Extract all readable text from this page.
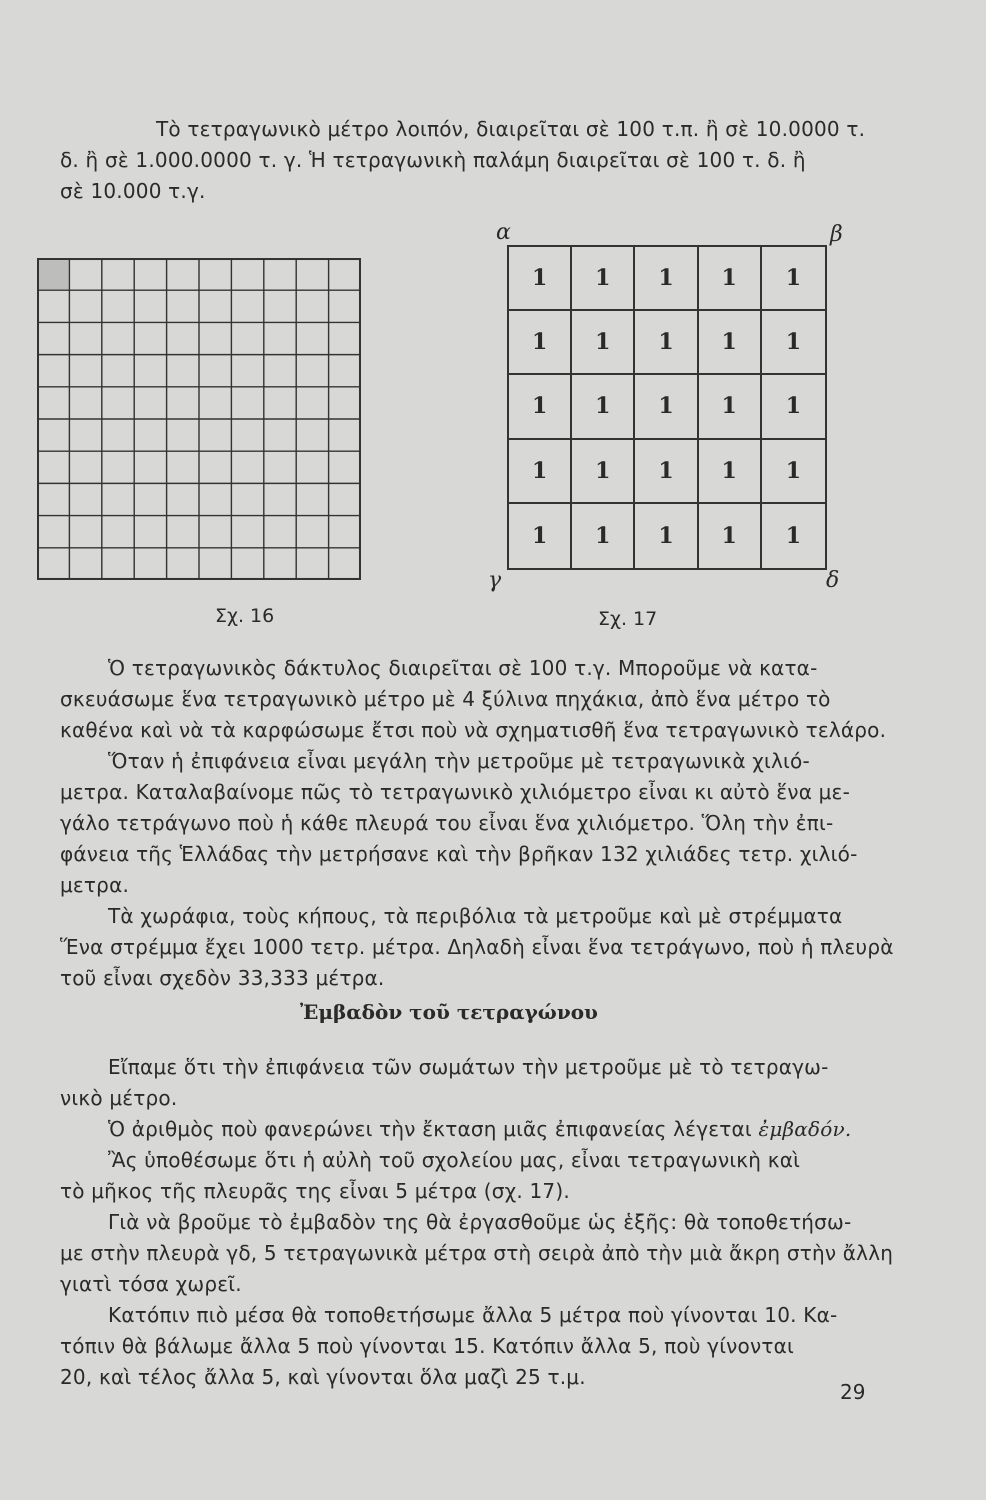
Τὸ τετραγωνικὸ μέτρο λοιπόν, διαιρεῖται σὲ 100 τ.π. ἢ σὲ 10.0000 τ.
δ. ἢ σὲ 1.000.0000 τ. γ. Ἡ τετραγωνικὴ παλάμη διαιρεῖται σὲ 100 τ. δ. ἢ
σὲ 10.000 τ.γ.
1	1	1	1	1
1	1	1	1	1
1	1	1	1	1
1	1	1	1	1
1	1	1	1	1
α	β
γ	δ
Σχ. 16	Σχ. 17
Ὁ τετραγωνικὸς δάκτυλος διαιρεῖται σὲ 100 τ.γ. Μποροῦμε νὰ κατα-
σκευάσωμε ἕνα τετραγωνικὸ μέτρο μὲ 4 ξύλινα πηχάκια, ἀπὸ ἕνα μέτρο τὸ
καθένα καὶ νὰ τὰ καρφώσωμε ἔτσι ποὺ νὰ σχηματισθῆ ἕνα τετραγωνικὸ τελάρο.
Ὅταν ἡ ἐπιφάνεια εἶναι μεγάλη τὴν μετροῦμε μὲ τετραγωνικὰ χιλιό-
μετρα. Καταλαβαίνομε πῶς τὸ τετραγωνικὸ χιλιόμετρο εἶναι κι αὐτὸ ἕνα με-
γάλο τετράγωνο ποὺ ἡ κάθε πλευρά του εἶναι ἕνα χιλιόμετρο. Ὅλη τὴν ἐπι-
φάνεια τῆς Ἑλλάδας τὴν μετρήσανε καὶ τὴν βρῆκαν 132 χιλιάδες τετρ. χιλιό-
μετρα.
Τὰ χωράφια, τοὺς κήπους, τὰ περιβόλια τὰ μετροῦμε καὶ μὲ στρέμματα
Ἕνα στρέμμα ἔχει 1000 τετρ. μέτρα. Δηλαδὴ εἶναι ἕνα τετράγωνο, ποὺ ἡ πλευρὰ
τοῦ εἶναι σχεδὸν 33,333 μέτρα.
Ἐμβαδὸν τοῦ τετραγώνου
Εἴπαμε ὅτι τὴν ἐπιφάνεια τῶν σωμάτων τὴν μετροῦμε μὲ τὸ τετραγω-
νικὸ μέτρο.
Ὁ ἀριθμὸς ποὺ φανερώνει τὴν ἔκταση μιᾶς ἐπιφανείας λέγεται ἐμβαδόν.
Ἂς ὑποθέσωμε ὅτι ἡ αὐλὴ τοῦ σχολείου μας, εἶναι τετραγωνικὴ καὶ
τὸ μῆκος τῆς πλευρᾶς της εἶναι 5 μέτρα (σχ. 17).
Γιὰ νὰ βροῦμε τὸ ἐμβαδὸν της θὰ ἐργασθοῦμε ὡς ἑξῆς: θὰ τοποθετήσω-
με στὴν πλευρὰ γδ, 5 τετραγωνικὰ μέτρα στὴ σειρὰ ἀπὸ τὴν μιὰ ἄκρη στὴν ἄλλη
γιατὶ τόσα χωρεῖ.
Κατόπιν πιὸ μέσα θὰ τοποθετήσωμε ἄλλα 5 μέτρα ποὺ γίνονται 10. Κα-
τόπιν θὰ βάλωμε ἄλλα 5 ποὺ γίνονται 15. Κατόπιν ἄλλα 5, ποὺ γίνονται
20, καὶ τέλος ἄλλα 5, καὶ γίνονται ὅλα μαζὶ 25 τ.μ.
29
